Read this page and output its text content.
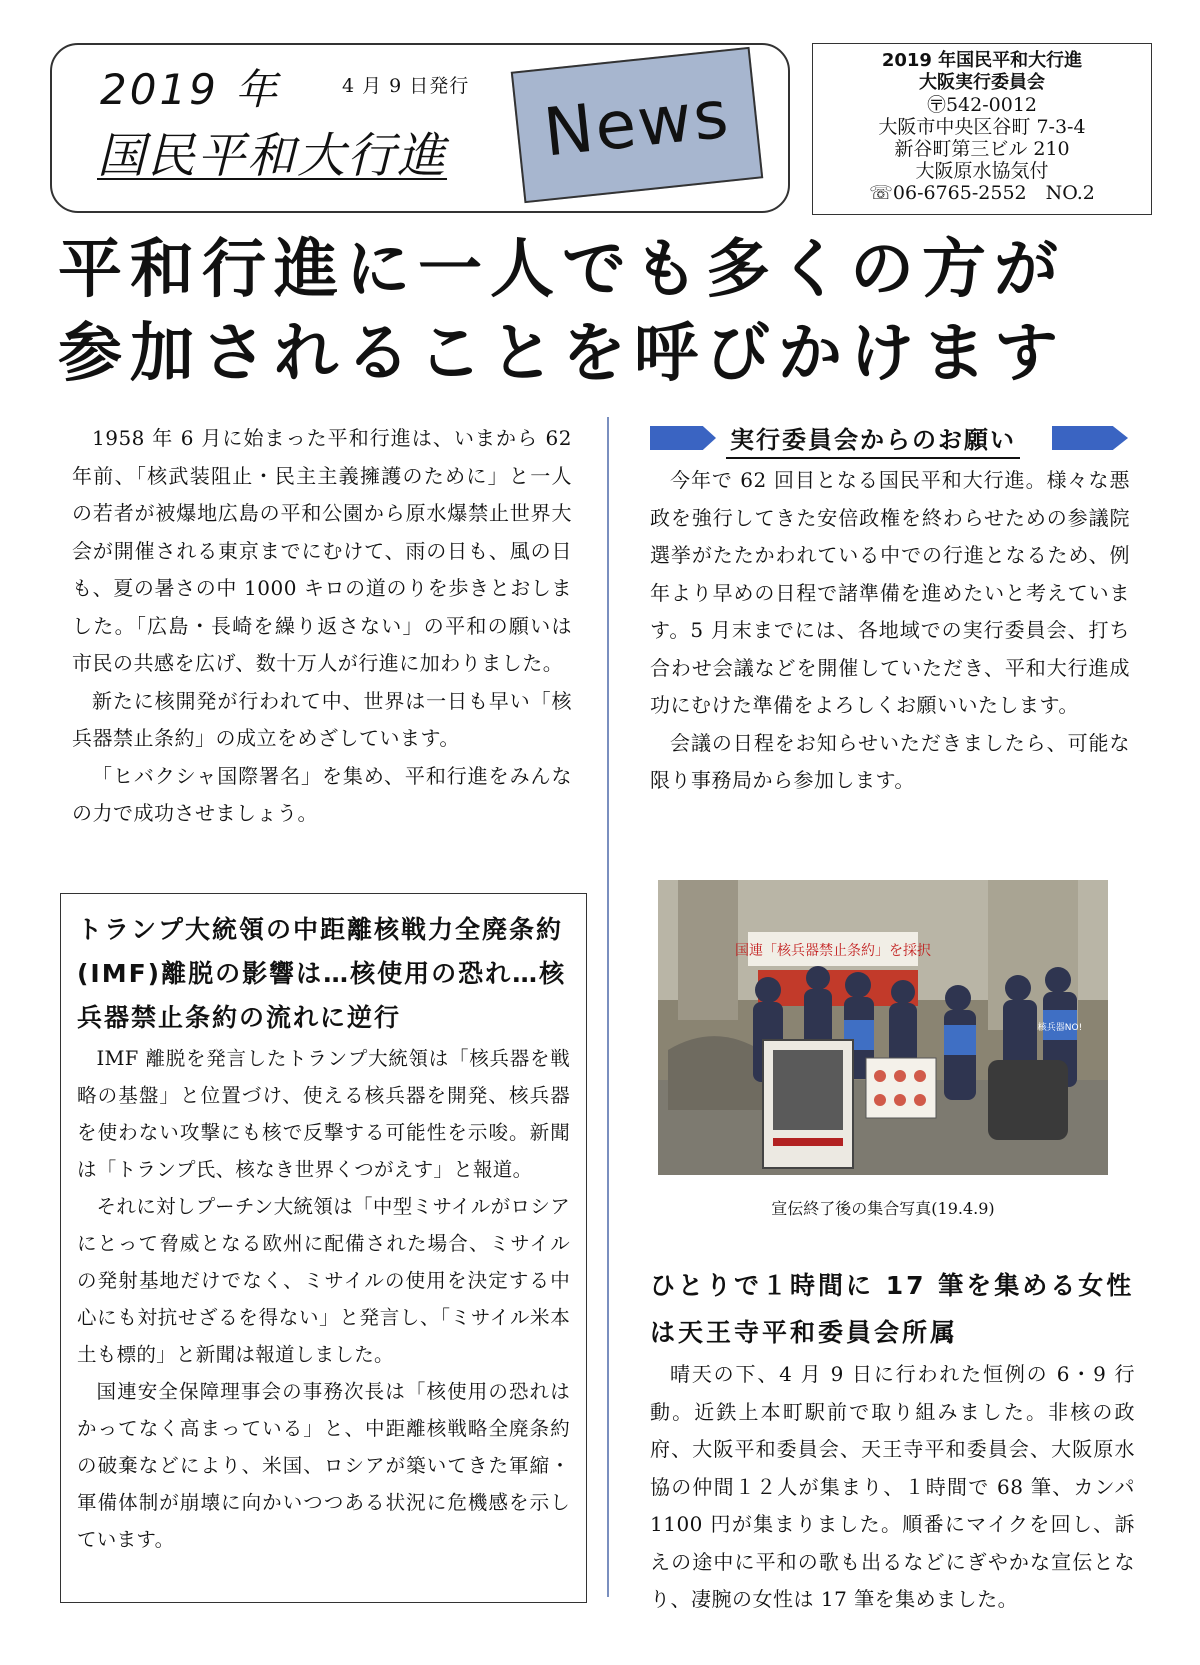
2019 年	4 月 9 日発行
国民平和大行進	News
2019 年国民平和大行進
大阪実行委員会
〶542-0012
大阪市中央区谷町 7-3-4
新谷町第三ビル 210
大阪原水協気付
☏06-6765-2552　NO.2
平和行進に一人でも多くの方が
参加されることを呼びかけます

1958 年 6 月に始まった平和行進は、いまから 62 年前、「核武装阻止・民主主義擁護のために」と一人の若者が被爆地広島の平和公園から原水爆禁止世界大会が開催される東京までにむけて、雨の日も、風の日も、夏の暑さの中 1000 キロの道のりを歩きとおしました。「広島・長崎を繰り返さない」の平和の願いは市民の共感を広げ、数十万人が行進に加わりました。

新たに核開発が行われて中、世界は一日も早い「核兵器禁止条約」の成立をめざしています。

「ヒバクシャ国際署名」を集め、平和行進をみんなの力で成功させましょう。

トランプ大統領の中距離核戦力全廃条約(IMF)離脱の影響は…核使用の恐れ…核兵器禁止条約の流れに逆行

IMF 離脱を発言したトランプ大統領は「核兵器を戦略の基盤」と位置づけ、使える核兵器を開発、核兵器を使わない攻撃にも核で反撃する可能性を示唆。新聞は「トランプ氏、核なき世界くつがえす」と報道。

それに対しプーチン大統領は「中型ミサイルがロシアにとって脅威となる欧州に配備された場合、ミサイルの発射基地だけでなく、ミサイルの使用を決定する中心にも対抗せざるを得ない」と発言し、「ミサイル米本土も標的」と新聞は報道しました。

国連安全保障理事会の事務次長は「核使用の恐れはかってなく高まっている」と、中距離核戦略全廃条約の破棄などにより、米国、ロシアが築いてきた軍縮・軍備体制が崩壊に向かいつつある状況に危機感を示しています。

実行委員会からのお願い

今年で 62 回目となる国民平和大行進。様々な悪政を強行してきた安倍政権を終わらせための参議院選挙がたたかわれている中での行進となるため、例年より早めの日程で諸準備を進めたいと考えています。5 月末までには、各地域での実行委員会、打ち合わせ会議などを開催していただき、平和大行進成功にむけた準備をよろしくお願いいたします。

会議の日程をお知らせいただきましたら、可能な限り事務局から参加します。

国連「核兵器禁止条約」を採択
核兵器NO!
宣伝終了後の集合写真(19.4.9)
ひとりで１時間に 17 筆を集める女性は天王寺平和委員会所属

晴天の下、4 月 9 日に行われた恒例の 6・9 行動。近鉄上本町駅前で取り組みました。非核の政府、大阪平和委員会、天王寺平和委員会、大阪原水協の仲間１２人が集まり、１時間で 68 筆、カンパ 1100 円が集まりました。順番にマイクを回し、訴えの途中に平和の歌も出るなどにぎやかな宣伝となり、凄腕の女性は 17 筆を集めました。
